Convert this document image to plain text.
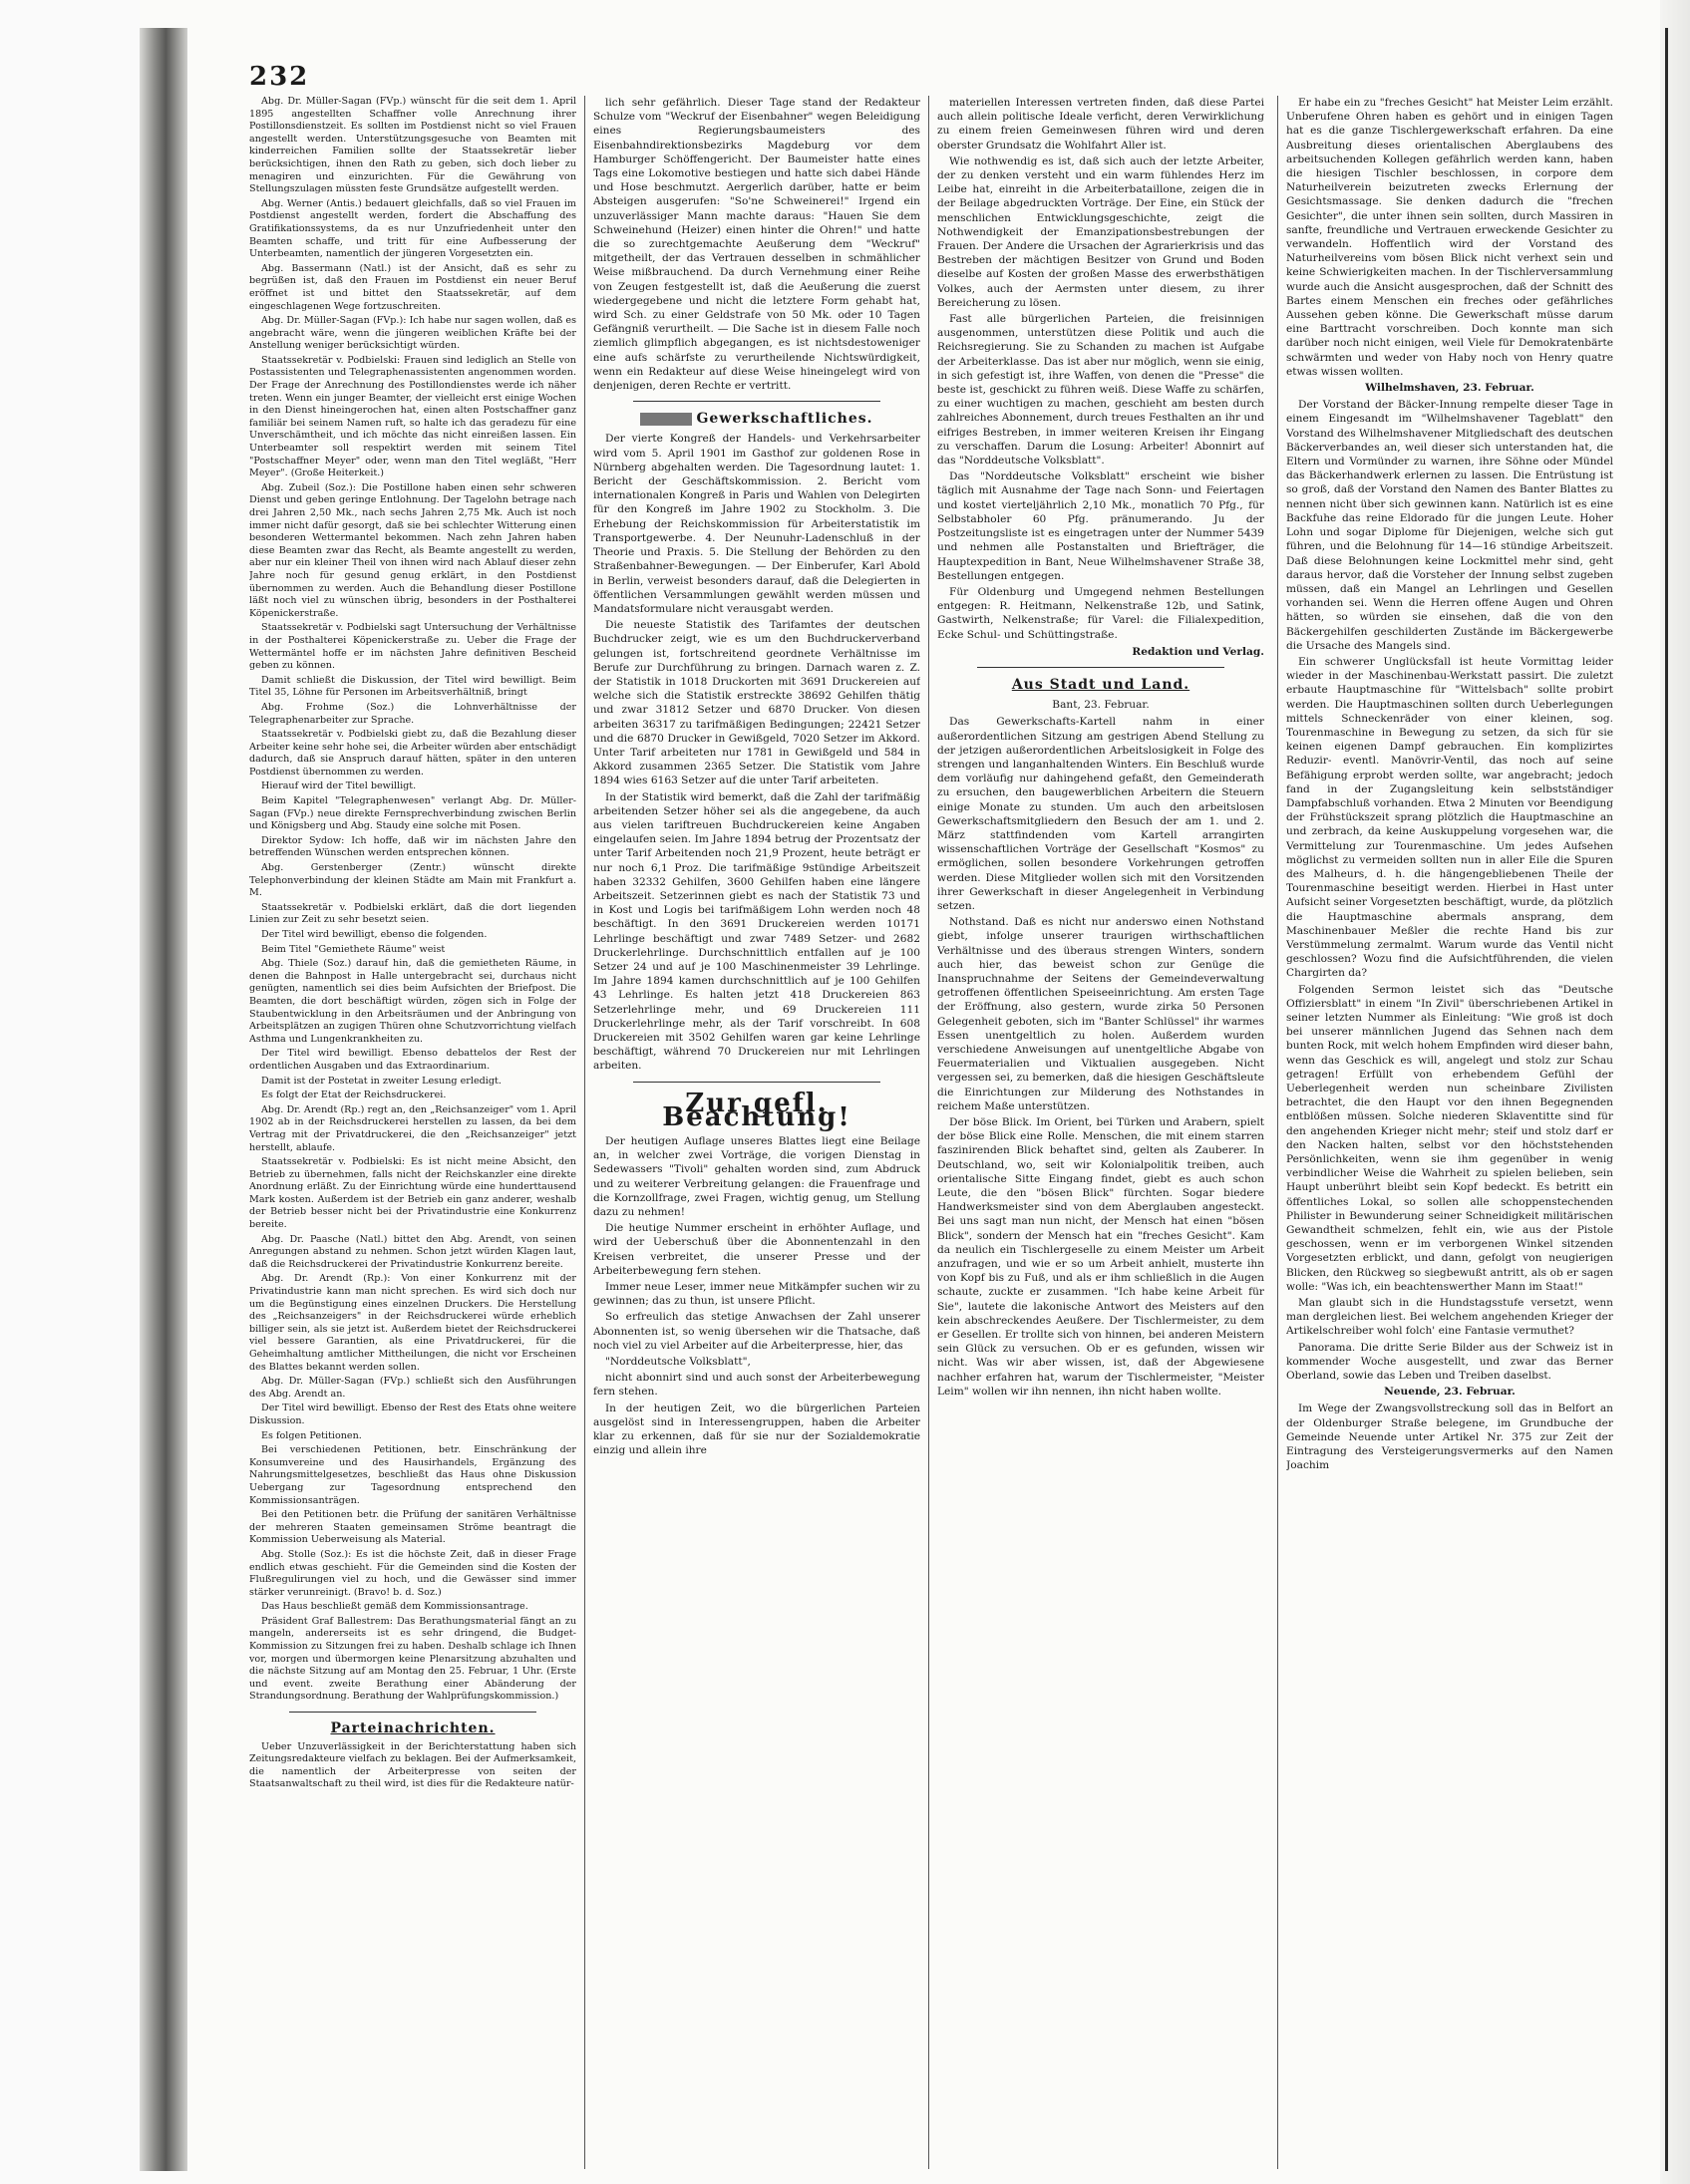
232

Abg. Dr. Müller-Sagan (FVp.) wünscht für die seit dem 1. April 1895 angestellten Schaffner volle Anrechnung ihrer Postillonsdienstzeit. Es sollten im Postdienst nicht so viel Frauen angestellt werden. Unterstützungsgesuche von Beamten mit kinderreichen Familien sollte der Staatssekretär lieber berücksichtigen, ihnen den Rath zu geben, sich doch lieber zu menagiren und einzurichten. Für die Gewährung von Stellungszulagen müssten feste Grundsätze aufgestellt werden.

Abg. Werner (Antis.) bedauert gleichfalls, daß so viel Frauen im Postdienst angestellt werden, fordert die Abschaffung des Gratifikationssystems, da es nur Unzufriedenheit unter den Beamten schaffe, und tritt für eine Aufbesserung der Unterbeamten, namentlich der jüngeren Vorgesetzten ein.

Abg. Bassermann (Natl.) ist der Ansicht, daß es sehr zu begrüßen ist, daß den Frauen im Postdienst ein neuer Beruf eröffnet ist und bittet den Staatssekretär, auf dem eingeschlagenen Wege fortzuschreiten.

Abg. Dr. Müller-Sagan (FVp.): Ich habe nur sagen wollen, daß es angebracht wäre, wenn die jüngeren weiblichen Kräfte bei der Anstellung weniger berücksichtigt würden.

Staatssekretär v. Podbielski: Frauen sind lediglich an Stelle von Postassistenten und Telegraphenassistenten angenommen worden. Der Frage der Anrechnung des Postillondienstes werde ich näher treten. Wenn ein junger Beamter, der vielleicht erst einige Wochen in den Dienst hineingerochen hat, einen alten Postschaffner ganz familiär bei seinem Namen ruft, so halte ich das geradezu für eine Unverschämtheit, und ich möchte das nicht einreißen lassen. Ein Unterbeamter soll respektirt werden mit seinem Titel "Postschaffner Meyer" oder, wenn man den Titel wegläßt, "Herr Meyer". (Große Heiterkeit.)

Abg. Zubeil (Soz.): Die Postillone haben einen sehr schweren Dienst und geben geringe Entlohnung. Der Tagelohn betrage nach drei Jahren 2,50 Mk., nach sechs Jahren 2,75 Mk. Auch ist noch immer nicht dafür gesorgt, daß sie bei schlechter Witterung einen besonderen Wettermantel bekommen. Nach zehn Jahren haben diese Beamten zwar das Recht, als Beamte angestellt zu werden, aber nur ein kleiner Theil von ihnen wird nach Ablauf dieser zehn Jahre noch für gesund genug erklärt, in den Postdienst übernommen zu werden. Auch die Behandlung dieser Postillone läßt noch viel zu wünschen übrig, besonders in der Posthalterei Köpenickerstraße.

Staatssekretär v. Podbielski sagt Untersuchung der Verhältnisse in der Posthalterei Köpenickerstraße zu. Ueber die Frage der Wettermäntel hoffe er im nächsten Jahre definitiven Bescheid geben zu können.

Damit schließt die Diskussion, der Titel wird bewilligt. Beim Titel 35, Löhne für Personen im Arbeitsverhältniß, bringt

Abg. Frohme (Soz.) die Lohnverhältnisse der Telegraphenarbeiter zur Sprache.

Staatssekretär v. Podbielski giebt zu, daß die Bezahlung dieser Arbeiter keine sehr hohe sei, die Arbeiter würden aber entschädigt dadurch, daß sie Anspruch darauf hätten, später in den unteren Postdienst übernommen zu werden.

Hierauf wird der Titel bewilligt.

Beim Kapitel "Telegraphenwesen" verlangt Abg. Dr. Müller-Sagan (FVp.) neue direkte Fernsprechverbindung zwischen Berlin und Königsberg und Abg. Staudy eine solche mit Posen.

Direktor Sydow: Ich hoffe, daß wir im nächsten Jahre den betreffenden Wünschen werden entsprechen können.

Abg. Gerstenberger (Zentr.) wünscht direkte Telephonverbindung der kleinen Städte am Main mit Frankfurt a. M.

Staatssekretär v. Podbielski erklärt, daß die dort liegenden Linien zur Zeit zu sehr besetzt seien.

Der Titel wird bewilligt, ebenso die folgenden.

Beim Titel "Gemiethete Räume" weist

Abg. Thiele (Soz.) darauf hin, daß die gemietheten Räume, in denen die Bahnpost in Halle untergebracht sei, durchaus nicht genügten, namentlich sei dies beim Aufsichten der Briefpost. Die Beamten, die dort beschäftigt würden, zögen sich in Folge der Staubentwicklung in den Arbeitsräumen und der Anbringung von Arbeitsplätzen an zugigen Thüren ohne Schutzvorrichtung vielfach Asthma und Lungenkrankheiten zu.

Der Titel wird bewilligt. Ebenso debattelos der Rest der ordentlichen Ausgaben und das Extraordinarium.

Damit ist der Postetat in zweiter Lesung erledigt.

Es folgt der Etat der Reichsdruckerei.

Abg. Dr. Arendt (Rp.) regt an, den „Reichsanzeiger" vom 1. April 1902 ab in der Reichsdruckerei herstellen zu lassen, da bei dem Vertrag mit der Privatdruckerei, die den „Reichsanzeiger" jetzt herstellt, ablaufe.

Staatssekretär v. Podbielski: Es ist nicht meine Absicht, den Betrieb zu übernehmen, falls nicht der Reichskanzler eine direkte Anordnung erläßt. Zu der Einrichtung würde eine hunderttausend Mark kosten. Außerdem ist der Betrieb ein ganz anderer, weshalb der Betrieb besser nicht bei der Privatindustrie eine Konkurrenz bereite.

Abg. Dr. Paasche (Natl.) bittet den Abg. Arendt, von seinen Anregungen abstand zu nehmen. Schon jetzt würden Klagen laut, daß die Reichsdruckerei der Privatindustrie Konkurrenz bereite.

Abg. Dr. Arendt (Rp.): Von einer Konkurrenz mit der Privatindustrie kann man nicht sprechen. Es wird sich doch nur um die Begünstigung eines einzelnen Druckers. Die Herstellung des „Reichsanzeigers" in der Reichsdruckerei würde erheblich billiger sein, als sie jetzt ist. Außerdem bietet der Reichsdruckerei viel bessere Garantien, als eine Privatdruckerei, für die Geheimhaltung amtlicher Mittheilungen, die nicht vor Erscheinen des Blattes bekannt werden sollen.

Abg. Dr. Müller-Sagan (FVp.) schließt sich den Ausführungen des Abg. Arendt an.

Der Titel wird bewilligt. Ebenso der Rest des Etats ohne weitere Diskussion.

Es folgen Petitionen.

Bei verschiedenen Petitionen, betr. Einschränkung der Konsumvereine und des Hausirhandels, Ergänzung des Nahrungsmittelgesetzes, beschließt das Haus ohne Diskussion Uebergang zur Tagesordnung entsprechend den Kommissionsanträgen.

Bei den Petitionen betr. die Prüfung der sanitären Verhältnisse der mehreren Staaten gemeinsamen Ströme beantragt die Kommission Ueberweisung als Material.

Abg. Stolle (Soz.): Es ist die höchste Zeit, daß in dieser Frage endlich etwas geschieht. Für die Gemeinden sind die Kosten der Flußregulirungen viel zu hoch, und die Gewässer sind immer stärker verunreinigt. (Bravo! b. d. Soz.)

Das Haus beschließt gemäß dem Kommissionsantrage.

Präsident Graf Ballestrem: Das Berathungsmaterial fängt an zu mangeln, andererseits ist es sehr dringend, die Budget-Kommission zu Sitzungen frei zu haben. Deshalb schlage ich Ihnen vor, morgen und übermorgen keine Plenarsitzung abzuhalten und die nächste Sitzung auf am Montag den 25. Februar, 1 Uhr. (Erste und event. zweite Berathung einer Abänderung der Strandungsordnung. Berathung der Wahlprüfungskommission.)

Parteinachrichten.

Ueber Unzuverlässigkeit in der Berichterstattung haben sich Zeitungsredakteure vielfach zu beklagen. Bei der Aufmerksamkeit, die namentlich der Arbeiterpresse von seiten der Staatsanwaltschaft zu theil wird, ist dies für die Redakteure natür-

lich sehr gefährlich. Dieser Tage stand der Redakteur Schulze vom "Weckruf der Eisenbahner" wegen Beleidigung eines Regierungsbaumeisters des Eisenbahndirektionsbezirks Magdeburg vor dem Hamburger Schöffengericht. Der Baumeister hatte eines Tags eine Lokomotive bestiegen und hatte sich dabei Hände und Hose beschmutzt. Aergerlich darüber, hatte er beim Absteigen ausgerufen: "So'ne Schweinerei!" Irgend ein unzuverlässiger Mann machte daraus: "Hauen Sie dem Schweinehund (Heizer) einen hinter die Ohren!" und hatte die so zurechtgemachte Aeußerung dem "Weckruf" mitgetheilt, der das Vertrauen desselben in schmählicher Weise mißbrauchend. Da durch Vernehmung einer Reihe von Zeugen festgestellt ist, daß die Aeußerung die zuerst wiedergegebene und nicht die letztere Form gehabt hat, wird Sch. zu einer Geldstrafe von 50 Mk. oder 10 Tagen Gefängniß verurtheilt. — Die Sache ist in diesem Falle noch ziemlich glimpflich abgegangen, es ist nichtsdestoweniger eine aufs schärfste zu verurtheilende Nichtswürdigkeit, wenn ein Redakteur auf diese Weise hineingelegt wird von denjenigen, deren Rechte er vertritt.

Gewerkschaftliches.

Der vierte Kongreß der Handels- und Verkehrsarbeiter wird vom 5. April 1901 im Gasthof zur goldenen Rose in Nürnberg abgehalten werden. Die Tagesordnung lautet: 1. Bericht der Geschäftskommission. 2. Bericht vom internationalen Kongreß in Paris und Wahlen von Delegirten für den Kongreß im Jahre 1902 zu Stockholm. 3. Die Erhebung der Reichskommission für Arbeiterstatistik im Transportgewerbe. 4. Der Neunuhr-Ladenschluß in der Theorie und Praxis. 5. Die Stellung der Behörden zu den Straßenbahner-Bewegungen. — Der Einberufer, Karl Abold in Berlin, verweist besonders darauf, daß die Delegierten in öffentlichen Versammlungen gewählt werden müssen und Mandatsformulare nicht verausgabt werden.

Die neueste Statistik des Tarifamtes der deutschen Buchdrucker zeigt, wie es um den Buchdruckerverband gelungen ist, fortschreitend geordnete Verhältnisse im Berufe zur Durchführung zu bringen. Darnach waren z. Z. der Statistik in 1018 Druckorten mit 3691 Druckereien auf welche sich die Statistik erstreckte 38692 Gehilfen thätig und zwar 31812 Setzer und 6870 Drucker. Von diesen arbeiten 36317 zu tarifmäßigen Bedingungen; 22421 Setzer und die 6870 Drucker in Gewißgeld, 7020 Setzer im Akkord. Unter Tarif arbeiteten nur 1781 in Gewißgeld und 584 in Akkord zusammen 2365 Setzer. Die Statistik vom Jahre 1894 wies 6163 Setzer auf die unter Tarif arbeiteten.

In der Statistik wird bemerkt, daß die Zahl der tarifmäßig arbeitenden Setzer höher sei als die angegebene, da auch aus vielen tariftreuen Buchdruckereien keine Angaben eingelaufen seien. Im Jahre 1894 betrug der Prozentsatz der unter Tarif Arbeitenden noch 21,9 Prozent, heute beträgt er nur noch 6,1 Proz. Die tarifmäßige 9stündige Arbeitszeit haben 32332 Gehilfen, 3600 Gehilfen haben eine längere Arbeitszeit. Setzerinnen giebt es nach der Statistik 73 und in Kost und Logis bei tarifmäßigem Lohn werden noch 48 beschäftigt. In den 3691 Druckereien werden 10171 Lehrlinge beschäftigt und zwar 7489 Setzer- und 2682 Druckerlehrlinge. Durchschnittlich entfallen auf je 100 Setzer 24 und auf je 100 Maschinenmeister 39 Lehrlinge. Im Jahre 1894 kamen durchschnittlich auf je 100 Gehilfen 43 Lehrlinge. Es halten jetzt 418 Druckereien 863 Setzerlehrlinge mehr, und 69 Druckereien 111 Druckerlehrlinge mehr, als der Tarif vorschreibt. In 608 Druckereien mit 3502 Gehilfen waren gar keine Lehrlinge beschäftigt, während 70 Druckereien nur mit Lehrlingen arbeiten.

Zur gefl. Beachtung!

Der heutigen Auflage unseres Blattes liegt eine Beilage an, in welcher zwei Vorträge, die vorigen Dienstag in Sedewassers "Tivoli" gehalten worden sind, zum Abdruck und zu weiterer Verbreitung gelangen: die Frauenfrage und die Kornzollfrage, zwei Fragen, wichtig genug, um Stellung dazu zu nehmen!

Die heutige Nummer erscheint in erhöhter Auflage, und wird der Ueberschuß über die Abonnentenzahl in den Kreisen verbreitet, die unserer Presse und der Arbeiterbewegung fern stehen.

Immer neue Leser, immer neue Mitkämpfer suchen wir zu gewinnen; das zu thun, ist unsere Pflicht.

So erfreulich das stetige Anwachsen der Zahl unserer Abonnenten ist, so wenig übersehen wir die Thatsache, daß noch viel zu viel Arbeiter auf die Arbeiterpresse, hier, das

"Norddeutsche Volksblatt",

nicht abonnirt sind und auch sonst der Arbeiterbewegung fern stehen.

In der heutigen Zeit, wo die bürgerlichen Parteien ausgelöst sind in Interessengruppen, haben die Arbeiter klar zu erkennen, daß für sie nur der Sozialdemokratie einzig und allein ihre

materiellen Interessen vertreten finden, daß diese Partei auch allein politische Ideale verficht, deren Verwirklichung zu einem freien Gemeinwesen führen wird und deren oberster Grundsatz die Wohlfahrt Aller ist.

Wie nothwendig es ist, daß sich auch der letzte Arbeiter, der zu denken versteht und ein warm fühlendes Herz im Leibe hat, einreiht in die Arbeiterbataillone, zeigen die in der Beilage abgedruckten Vorträge. Der Eine, ein Stück der menschlichen Entwicklungsgeschichte, zeigt die Nothwendigkeit der Emanzipationsbestrebungen der Frauen. Der Andere die Ursachen der Agrarierkrisis und das Bestreben der mächtigen Besitzer von Grund und Boden dieselbe auf Kosten der großen Masse des erwerbsthätigen Volkes, auch der Aermsten unter diesem, zu ihrer Bereicherung zu lösen.

Fast alle bürgerlichen Parteien, die freisinnigen ausgenommen, unterstützen diese Politik und auch die Reichsregierung. Sie zu Schanden zu machen ist Aufgabe der Arbeiterklasse. Das ist aber nur möglich, wenn sie einig, in sich gefestigt ist, ihre Waffen, von denen die "Presse" die beste ist, geschickt zu führen weiß. Diese Waffe zu schärfen, zu einer wuchtigen zu machen, geschieht am besten durch zahlreiches Abonnement, durch treues Festhalten an ihr und eifriges Bestreben, in immer weiteren Kreisen ihr Eingang zu verschaffen. Darum die Losung: Arbeiter! Abonnirt auf das "Norddeutsche Volksblatt".

Das "Norddeutsche Volksblatt" erscheint wie bisher täglich mit Ausnahme der Tage nach Sonn- und Feiertagen und kostet vierteljährlich 2,10 Mk., monatlich 70 Pfg., für Selbstabholer 60 Pfg. pränumerando. Ju der Postzeitungsliste ist es eingetragen unter der Nummer 5439 und nehmen alle Postanstalten und Briefträger, die Hauptexpedition in Bant, Neue Wilhelmshavener Straße 38, Bestellungen entgegen.

Für Oldenburg und Umgegend nehmen Bestellungen entgegen: R. Heitmann, Nelkenstraße 12b, und Satink, Gastwirth, Nelkenstraße; für Varel: die Filialexpedition, Ecke Schul- und Schüttingstraße.

Redaktion und Verlag.
Aus Stadt und Land.
Bant, 23. Februar.

Das Gewerkschafts-Kartell nahm in einer außerordentlichen Sitzung am gestrigen Abend Stellung zu der jetzigen außerordentlichen Arbeitslosigkeit in Folge des strengen und langanhaltenden Winters. Ein Beschluß wurde dem vorläufig nur dahingehend gefaßt, den Gemeinderath zu ersuchen, den baugewerblichen Arbeitern die Steuern einige Monate zu stunden. Um auch den arbeitslosen Gewerkschaftsmitgliedern den Besuch der am 1. und 2. März stattfindenden vom Kartell arrangirten wissenschaftlichen Vorträge der Gesellschaft "Kosmos" zu ermöglichen, sollen besondere Vorkehrungen getroffen werden. Diese Mitglieder wollen sich mit den Vorsitzenden ihrer Gewerkschaft in dieser Angelegenheit in Verbindung setzen.

Nothstand. Daß es nicht nur anderswo einen Nothstand giebt, infolge unserer traurigen wirthschaftlichen Verhältnisse und des überaus strengen Winters, sondern auch hier, das beweist schon zur Genüge die Inanspruchnahme der Seitens der Gemeindeverwaltung getroffenen öffentlichen Speiseeinrichtung. Am ersten Tage der Eröffnung, also gestern, wurde zirka 50 Personen Gelegenheit geboten, sich im "Banter Schlüssel" ihr warmes Essen unentgeltlich zu holen. Außerdem wurden verschiedene Anweisungen auf unentgeltliche Abgabe von Feuermaterialien und Viktualien ausgegeben. Nicht vergessen sei, zu bemerken, daß die hiesigen Geschäftsleute die Einrichtungen zur Milderung des Nothstandes in reichem Maße unterstützen.

Der böse Blick. Im Orient, bei Türken und Arabern, spielt der böse Blick eine Rolle. Menschen, die mit einem starren faszinirenden Blick behaftet sind, gelten als Zauberer. In Deutschland, wo, seit wir Kolonialpolitik treiben, auch orientalische Sitte Eingang findet, giebt es auch schon Leute, die den "bösen Blick" fürchten. Sogar biedere Handwerksmeister sind von dem Aberglauben angesteckt. Bei uns sagt man nun nicht, der Mensch hat einen "bösen Blick", sondern der Mensch hat ein "freches Gesicht". Kam da neulich ein Tischlergeselle zu einem Meister um Arbeit anzufragen, und wie er so um Arbeit anhielt, musterte ihn von Kopf bis zu Fuß, und als er ihm schließlich in die Augen schaute, zuckte er zusammen. "Ich habe keine Arbeit für Sie", lautete die lakonische Antwort des Meisters auf den kein abschreckendes Aeußere. Der Tischlermeister, zu dem er Gesellen. Er trollte sich von hinnen, bei anderen Meistern sein Glück zu versuchen. Ob er es gefunden, wissen wir nicht. Was wir aber wissen, ist, daß der Abgewiesene nachher erfahren hat, warum der Tischlermeister, "Meister Leim" wollen wir ihn nennen, ihn nicht haben wollte.

Er habe ein zu "freches Gesicht" hat Meister Leim erzählt. Unberufene Ohren haben es gehört und in einigen Tagen hat es die ganze Tischlergewerkschaft erfahren. Da eine Ausbreitung dieses orientalischen Aberglaubens des arbeitsuchenden Kollegen gefährlich werden kann, haben die hiesigen Tischler beschlossen, in corpore dem Naturheilverein beizutreten zwecks Erlernung der Gesichtsmassage. Sie denken dadurch die "frechen Gesichter", die unter ihnen sein sollten, durch Massiren in sanfte, freundliche und Vertrauen erweckende Gesichter zu verwandeln. Hoffentlich wird der Vorstand des Naturheilvereins vom bösen Blick nicht verhext sein und keine Schwierigkeiten machen. In der Tischlerversammlung wurde auch die Ansicht ausgesprochen, daß der Schnitt des Bartes einem Menschen ein freches oder gefährliches Aussehen geben könne. Die Gewerkschaft müsse darum eine Barttracht vorschreiben. Doch konnte man sich darüber noch nicht einigen, weil Viele für Demokratenbärte schwärmten und weder von Haby noch von Henry quatre etwas wissen wollten.

Wilhelmshaven, 23. Februar.

Der Vorstand der Bäcker-Innung rempelte dieser Tage in einem Eingesandt im "Wilhelmshavener Tageblatt" den Vorstand des Wilhelmshavener Mitgliedschaft des deutschen Bäckerverbandes an, weil dieser sich unterstanden hat, die Eltern und Vormünder zu warnen, ihre Söhne oder Mündel das Bäckerhandwerk erlernen zu lassen. Die Entrüstung ist so groß, daß der Vorstand den Namen des Banter Blattes zu nennen nicht über sich gewinnen kann. Natürlich ist es eine Backfuhe das reine Eldorado für die jungen Leute. Hoher Lohn und sogar Diplome für Diejenigen, welche sich gut führen, und die Belohnung für 14—16 stündige Arbeitszeit. Daß diese Belohnungen keine Lockmittel mehr sind, geht daraus hervor, daß die Vorsteher der Innung selbst zugeben müssen, daß ein Mangel an Lehrlingen und Gesellen vorhanden sei. Wenn die Herren offene Augen und Ohren hätten, so würden sie einsehen, daß die von den Bäckergehilfen geschilderten Zustände im Bäckergewerbe die Ursache des Mangels sind.

Ein schwerer Unglücksfall ist heute Vormittag leider wieder in der Maschinenbau-Werkstatt passirt. Die zuletzt erbaute Hauptmaschine für "Wittelsbach" sollte probirt werden. Die Hauptmaschinen sollten durch Ueberlegungen mittels Schneckenräder von einer kleinen, sog. Tourenmaschine in Bewegung zu setzen, da sich für sie keinen eigenen Dampf gebrauchen. Ein komplizirtes Reduzir- eventl. Manövrir-Ventil, das noch auf seine Befähigung erprobt werden sollte, war angebracht; jedoch fand in der Zugangsleitung kein selbstständiger Dampfabschluß vorhanden. Etwa 2 Minuten vor Beendigung der Frühstückszeit sprang plötzlich die Hauptmaschine an und zerbrach, da keine Auskuppelung vorgesehen war, die Vermittelung zur Tourenmaschine. Um jedes Aufsehen möglichst zu vermeiden sollten nun in aller Eile die Spuren des Malheurs, d. h. die hängengebliebenen Theile der Tourenmaschine beseitigt werden. Hierbei in Hast unter Aufsicht seiner Vorgesetzten beschäftigt, wurde, da plötzlich die Hauptmaschine abermals ansprang, dem Maschinenbauer Meßler die rechte Hand bis zur Verstümmelung zermalmt. Warum wurde das Ventil nicht geschlossen? Wozu find die Aufsichtführenden, die vielen Chargirten da?

Folgenden Sermon leistet sich das "Deutsche Offiziersblatt" in einem "In Zivil" überschriebenen Artikel in seiner letzten Nummer als Einleitung: "Wie groß ist doch bei unserer männlichen Jugend das Sehnen nach dem bunten Rock, mit welch hohem Empfinden wird dieser bahn, wenn das Geschick es will, angelegt und stolz zur Schau getragen! Erfüllt von erhebendem Gefühl der Ueberlegenheit werden nun scheinbare Zivilisten betrachtet, die den Haupt vor den ihnen Begegnenden entblößen müssen. Solche niederen Sklaventitte sind für den angehenden Krieger nicht mehr; steif und stolz darf er den Nacken halten, selbst vor den höchststehenden Persönlichkeiten, wenn sie ihm gegenüber in wenig verbindlicher Weise die Wahrheit zu spielen belieben, sein Haupt unberührt bleibt sein Kopf bedeckt. Es betritt ein öffentliches Lokal, so sollen alle schoppenstechenden Philister in Bewunderung seiner Schneidigkeit militärischen Gewandtheit schmelzen, fehlt ein, wie aus der Pistole geschossen, wenn er im verborgenen Winkel sitzenden Vorgesetzten erblickt, und dann, gefolgt von neugierigen Blicken, den Rückweg so siegbewußt antritt, als ob er sagen wolle: "Was ich, ein beachtenswerther Mann im Staat!"

Man glaubt sich in die Hundstagsstufe versetzt, wenn man dergleichen liest. Bei welchem angehenden Krieger der Artikelschreiber wohl folch' eine Fantasie vermuthet?

Panorama. Die dritte Serie Bilder aus der Schweiz ist in kommender Woche ausgestellt, und zwar das Berner Oberland, sowie das Leben und Treiben daselbst.

Neuende, 23. Februar.

Im Wege der Zwangsvollstreckung soll das in Belfort an der Oldenburger Straße belegene, im Grundbuche der Gemeinde Neuende unter Artikel Nr. 375 zur Zeit der Eintragung des Versteigerungsvermerks auf den Namen Joachim
